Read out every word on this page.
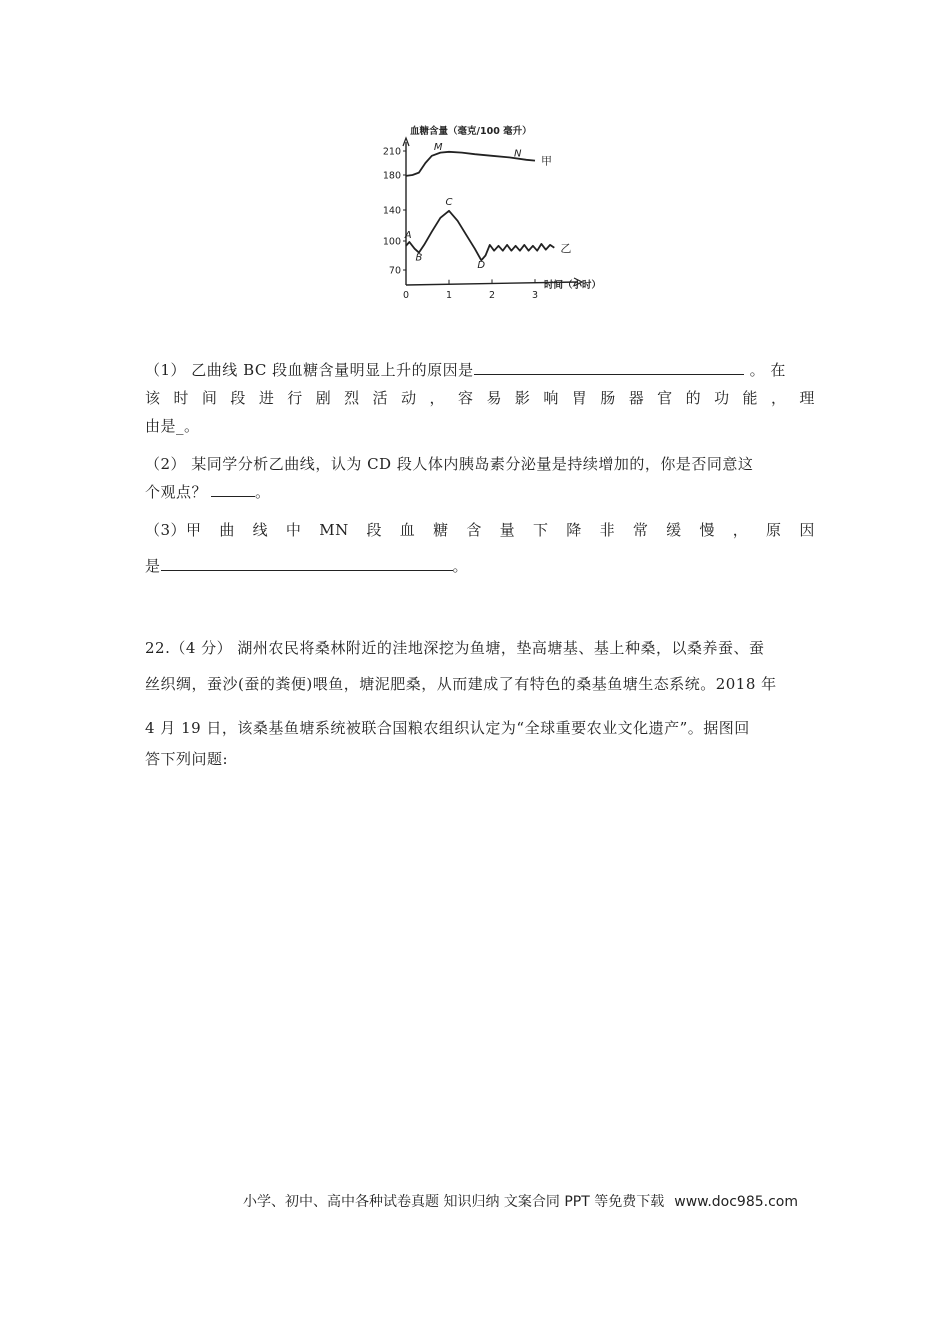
血糖含量（毫克/100 毫升）
210
180
140
100
70
0	1	2	3
时间（小时）
甲
乙
M
N
A
B
C
D
（1） 乙曲线 BC 段血糖含量明显上升的原因是	。 在
该 时 间 段 进 行 剧 烈 活 动 ， 容 易 影 响 胃 肠 器 官 的 功 能 ， 理
由是_。
（2） 某同学分析乙曲线，认为 CD 段人体内胰岛素分泌量是持续增加的，你是否同意这
个观点？	。
（3）甲 曲 线 中 MN 段 血 糖 含 量 下 降 非 常 缓 慢 ， 原 因
是	。
22.（4 分） 湖州农民将桑林附近的洼地深挖为鱼塘，垫高塘基、基上种桑，以桑养蚕、蚕
丝织绸，蚕沙(蚕的粪便)喂鱼，塘泥肥桑，从而建成了有特色的桑基鱼塘生态系统。2018 年
4 月 19 日，该桑基鱼塘系统被联合国粮农组织认定为“全球重要农业文化遗产”。据图回
答下列问题:
小学、初中、高中各种试卷真题 知识归纳 文案合同 PPT 等免费下载 www.doc985.com
